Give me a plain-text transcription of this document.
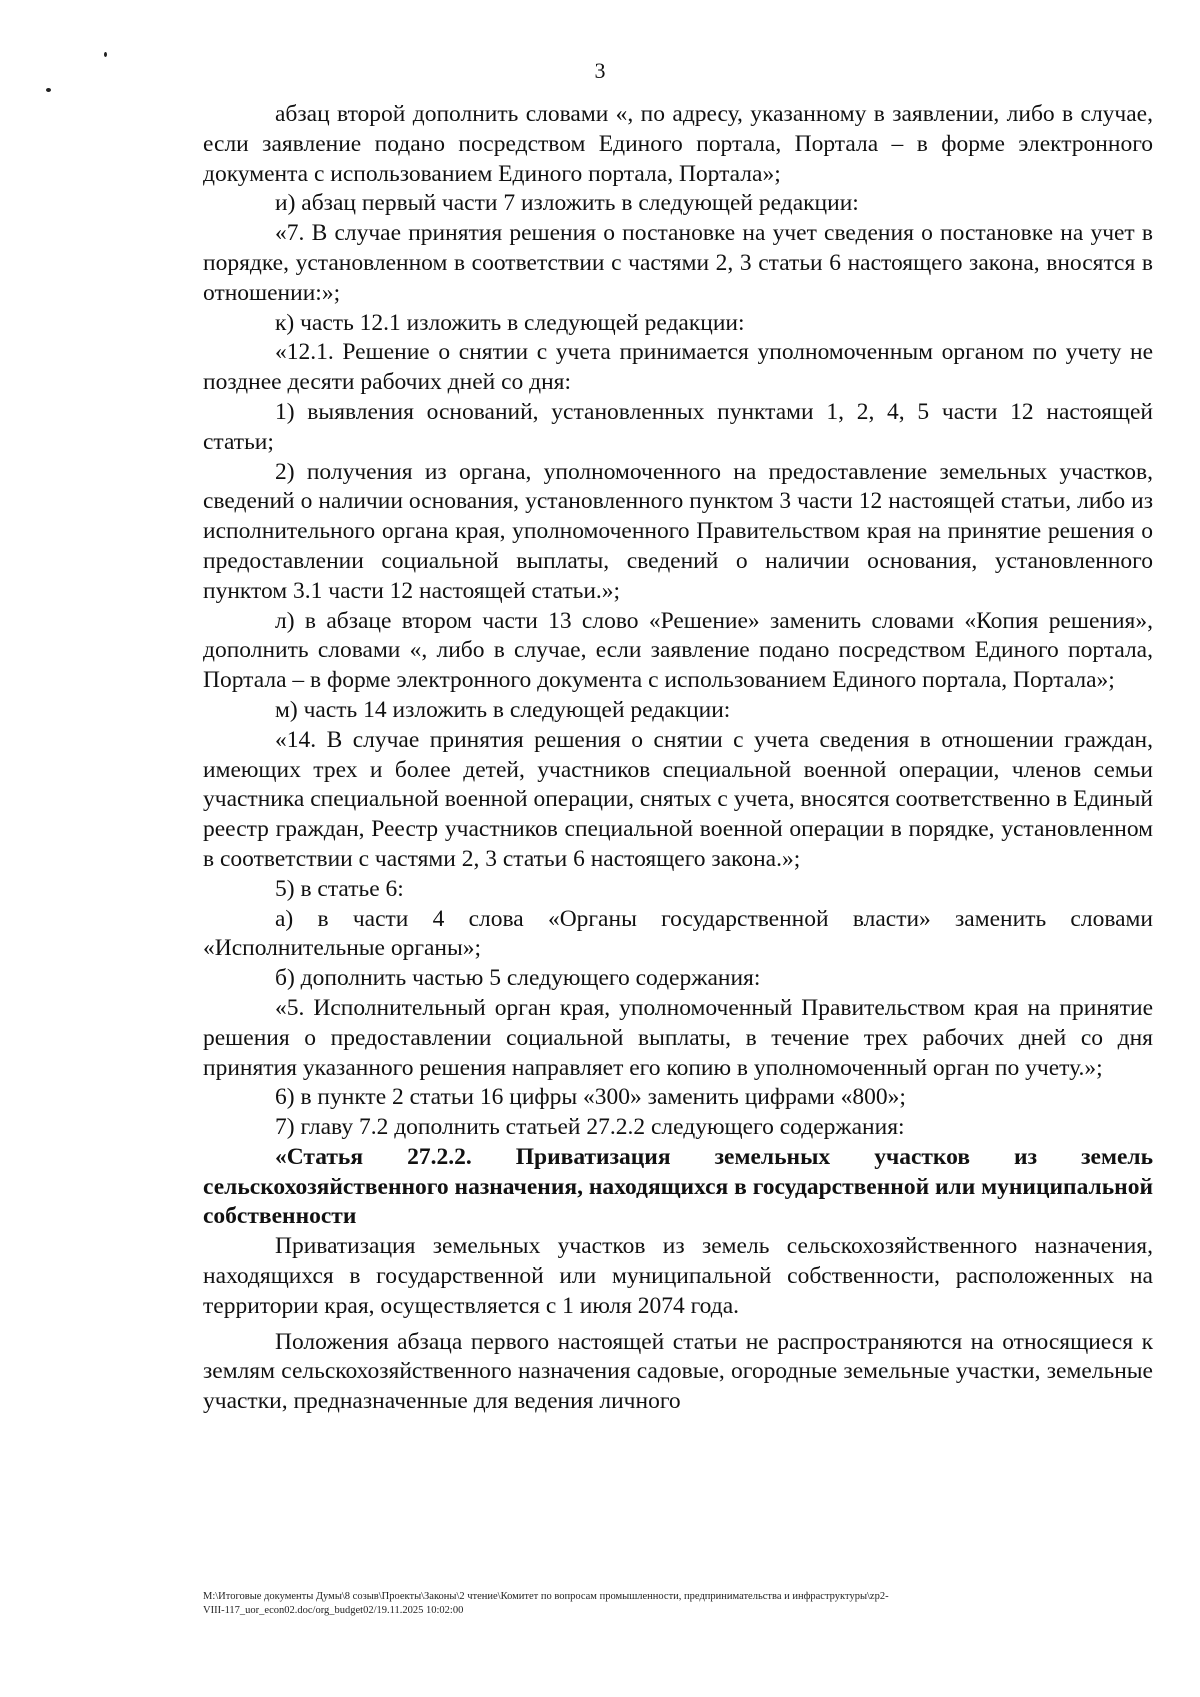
3

абзац второй дополнить словами «, по адресу, указанному в заявлении, либо в случае, если заявление подано посредством Единого портала, Портала – в форме электронного документа с использованием Единого портала, Портала»;

и) абзац первый части 7 изложить в следующей редакции:

«7. В случае принятия решения о постановке на учет сведения о постановке на учет в порядке, установленном в соответствии с частями 2, 3 статьи 6 настоящего закона, вносятся в отношении:»;

к) часть 12.1 изложить в следующей редакции:

«12.1. Решение о снятии с учета принимается уполномоченным органом по учету не позднее десяти рабочих дней со дня:

1) выявления оснований, установленных пунктами 1, 2, 4, 5 части 12 настоящей статьи;

2) получения из органа, уполномоченного на предоставление земельных участков, сведений о наличии основания, установленного пунктом 3 части 12 настоящей статьи, либо из исполнительного органа края, уполномоченного Правительством края на принятие решения о предоставлении социальной выплаты, сведений о наличии основания, установленного пунктом 3.1 части 12 настоящей статьи.»;

л) в абзаце втором части 13 слово «Решение» заменить словами «Копия решения», дополнить словами «, либо в случае, если заявление подано посредством Единого портала, Портала – в форме электронного документа с использованием Единого портала, Портала»;

м) часть 14 изложить в следующей редакции:

«14. В случае принятия решения о снятии с учета сведения в отношении граждан, имеющих трех и более детей, участников специальной военной операции, членов семьи участника специальной военной операции, снятых с учета, вносятся соответственно в Единый реестр граждан, Реестр участников специальной военной операции в порядке, установленном в соответствии с частями 2, 3 статьи 6 настоящего закона.»;

5) в статье 6:

а) в части 4 слова «Органы государственной власти» заменить словами «Исполнительные органы»;

б) дополнить частью 5 следующего содержания:

«5. Исполнительный орган края, уполномоченный Правительством края на принятие решения о предоставлении социальной выплаты, в течение трех рабочих дней со дня принятия указанного решения направляет его копию в уполномоченный орган по учету.»;

6) в пункте 2 статьи 16 цифры «300» заменить цифрами «800»;

7) главу 7.2 дополнить статьей 27.2.2 следующего содержания:

«Статья 27.2.2. Приватизация земельных участков из земель сельскохозяйственного назначения, находящихся в государственной или муниципальной собственности

Приватизация земельных участков из земель сельскохозяйственного назначения, находящихся в государственной или муниципальной собственности, расположенных на территории края, осуществляется с 1 июля 2074 года.

Положения абзаца первого настоящей статьи не распространяются на относящиеся к землям сельскохозяйственного назначения садовые, огородные земельные участки, земельные участки, предназначенные для ведения личного

М:\Итоговые документы Думы\8 созыв\Проекты\Законы\2 чтение\Комитет по вопросам промышленности, предпринимательства и инфраструктуры\zp2-
VIII-117_uor_econ02.doc/org_budget02/19.11.2025 10:02:00
